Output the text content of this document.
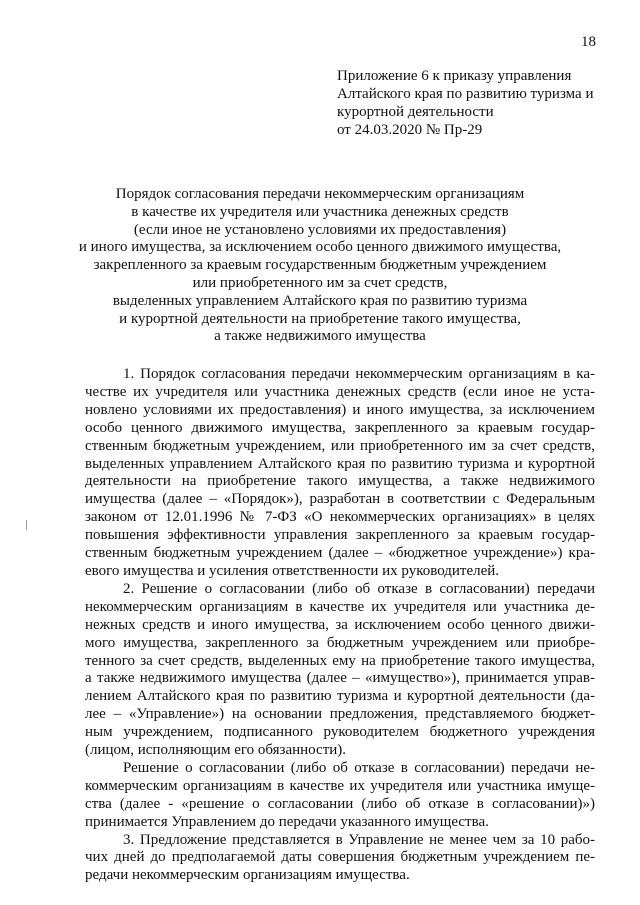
18
Приложение 6 к приказу управления
Алтайского края по развитию туризма и
курортной деятельности
от 24.03.2020 № Пр-29
Порядок согласования передачи некоммерческим организациям
в качестве их учредителя или участника денежных средств
(если иное не установлено условиями их предоставления)
и иного имущества, за исключением особо ценного движимого имущества,
закрепленного за краевым государственным бюджетным учреждением
или приобретенного им за счет средств,
выделенных управлением Алтайского края по развитию туризма
и курортной деятельности на приобретение такого имущества,
а также недвижимого имущества
1. Порядок согласования передачи некоммерческим организациям в ка-
честве их учредителя или участника денежных средств (если иное не уста-
новлено условиями их предоставления) и иного имущества, за исключением
особо ценного движимого имущества, закрепленного за краевым государ-
ственным бюджетным учреждением, или приобретенного им за счет средств,
выделенных управлением Алтайского края по развитию туризма и курортной
деятельности на приобретение такого имущества, а также недвижимого
имущества (далее – «Порядок»), разработан в соответствии с Федеральным
законом от 12.01.1996 № 7-ФЗ «О некоммерческих организациях» в целях
повышения эффективности управления закрепленного за краевым государ-
ственным бюджетным учреждением (далее – «бюджетное учреждение») кра-
евого имущества и усиления ответственности их руководителей.
2. Решение о согласовании (либо об отказе в согласовании) передачи
некоммерческим организациям в качестве их учредителя или участника де-
нежных средств и иного имущества, за исключением особо ценного движи-
мого имущества, закрепленного за бюджетным учреждением или приобре-
тенного за счет средств, выделенных ему на приобретение такого имущества,
а также недвижимого имущества (далее – «имущество»), принимается управ-
лением Алтайского края по развитию туризма и курортной деятельности (да-
лее – «Управление») на основании предложения, представляемого бюджет-
ным учреждением, подписанного руководителем бюджетного учреждения
(лицом, исполняющим его обязанности).
Решение о согласовании (либо об отказе в согласовании) передачи не-
коммерческим организациям в качестве их учредителя или участника имуще-
ства (далее - «решение о согласовании (либо об отказе в согласовании)»)
принимается Управлением до передачи указанного имущества.
3. Предложение представляется в Управление не менее чем за 10 рабо-
чих дней до предполагаемой даты совершения бюджетным учреждением пе-
редачи некоммерческим организациям имущества.
